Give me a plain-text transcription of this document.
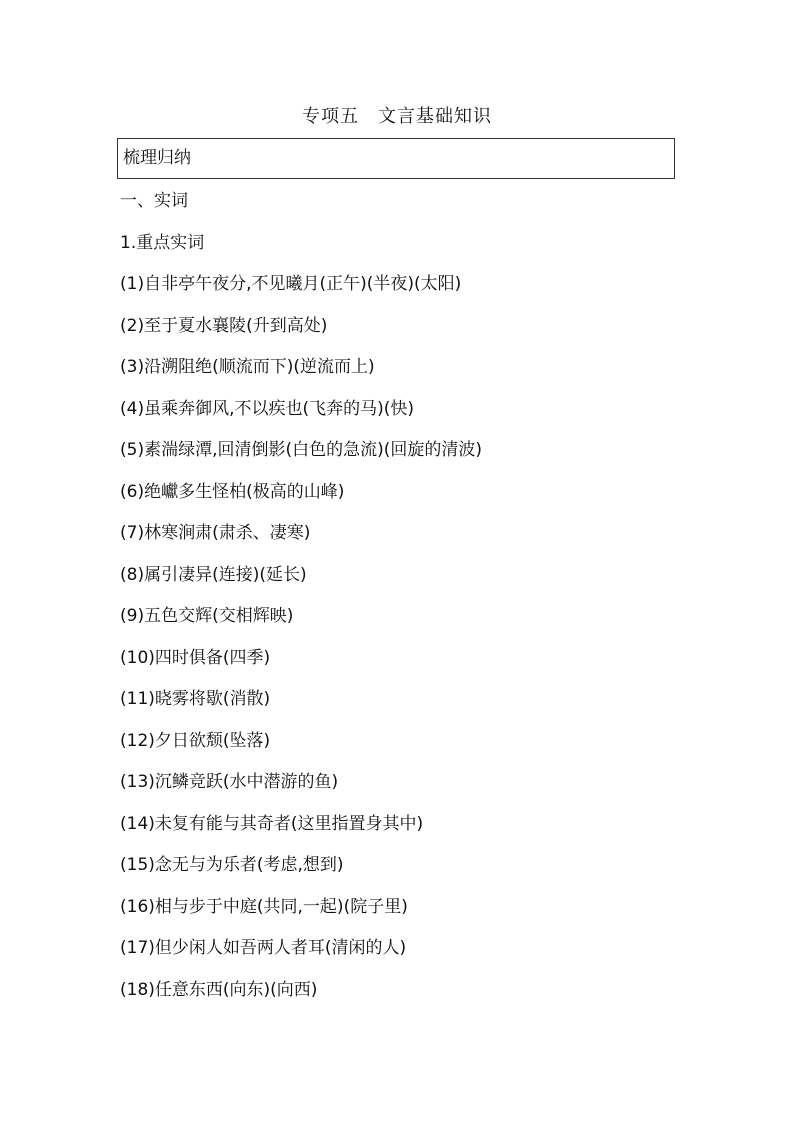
专项五　文言基础知识
梳理归纳
一、实词
1.重点实词
(1)自非亭午夜分,不见曦月(正午)(半夜)(太阳)
(2)至于夏水襄陵(升到高处)
(3)沿溯阻绝(顺流而下)(逆流而上)
(4)虽乘奔御风,不以疾也(飞奔的马)(快)
(5)素湍绿潭,回清倒影(白色的急流)(回旋的清波)
(6)绝巘多生怪柏(极高的山峰)
(7)林寒涧肃(肃杀、凄寒)
(8)属引凄异(连接)(延长)
(9)五色交辉(交相辉映)
(10)四时俱备(四季)
(11)晓雾将歇(消散)
(12)夕日欲颓(坠落)
(13)沉鳞竞跃(水中潜游的鱼)
(14)未复有能与其奇者(这里指置身其中)
(15)念无与为乐者(考虑,想到)
(16)相与步于中庭(共同,一起)(院子里)
(17)但少闲人如吾两人者耳(清闲的人)
(18)任意东西(向东)(向西)
